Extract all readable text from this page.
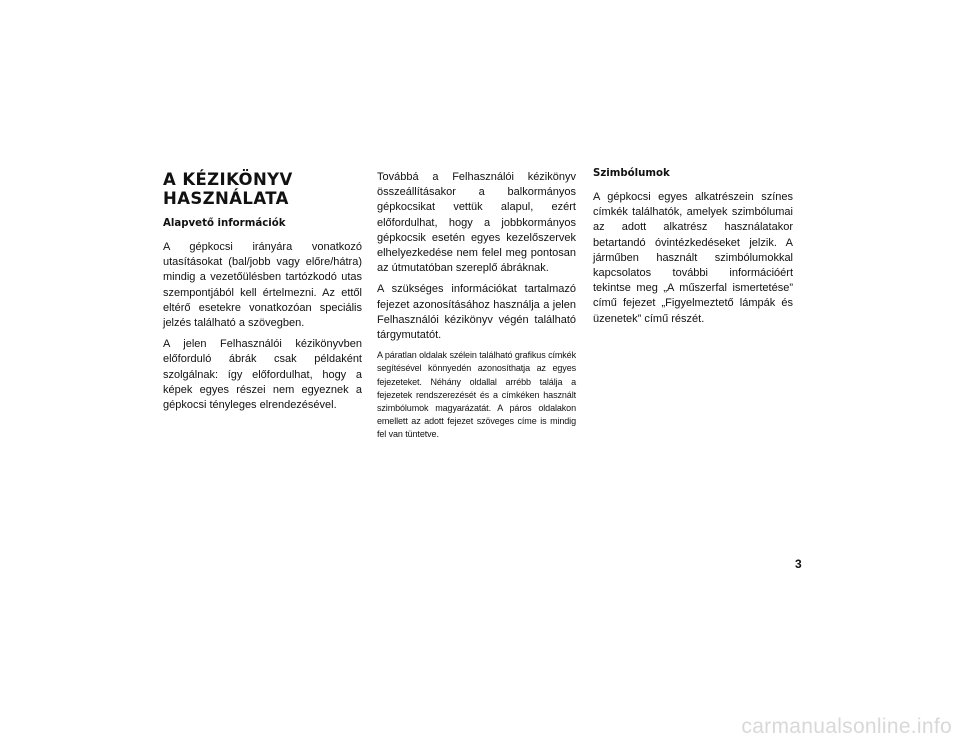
A KÉZIKÖNYV
HASZNÁLATA
Alapvető információk

A gépkocsi irányára vonatkozó utasításokat (bal/jobb vagy előre/hátra) mindig a vezetőülésben tartózkodó utas szempontjából kell értelmezni. Az ettől eltérő esetekre vonatkozóan speciális jelzés található a szövegben.

A jelen Felhasználói kézikönyvben előforduló ábrák csak példaként szolgálnak: így előfordulhat, hogy a képek egyes részei nem egyeznek a gépkocsi tényleges elrendezésével.

Továbbá a Felhasználói kézikönyv összeállításakor a balkormányos gépkocsikat vettük alapul, ezért előfordulhat, hogy a jobbkormányos gépkocsik esetén egyes kezelőszervek elhelyezkedése nem felel meg pontosan az útmutatóban szereplő ábráknak.

A szükséges információkat tartalmazó fejezet azonosításához használja a jelen Felhasználói kézikönyv végén található tárgymutatót.

A páratlan oldalak szélein található grafikus címkék segítésével könnyedén azonosíthatja az egyes fejezeteket. Néhány oldallal arrébb találja a fejezetek rendszerezését és a címkéken használt szimbólumok magyarázatát. A páros oldalakon emellett az adott fejezet szöveges címe is mindig fel van tüntetve.

Szimbólumok

A gépkocsi egyes alkatrészein színes címkék találhatók, amelyek szimbólumai az adott alkatrész használatakor betartandó óvintézkedéseket jelzik. A járműben használt szimbólumokkal kapcsolatos további információért tekintse meg „A műszerfal ismertetése” című fejezet „Figyelmeztető lámpák és üzenetek” című részét.

3
carmanualsonline.info
